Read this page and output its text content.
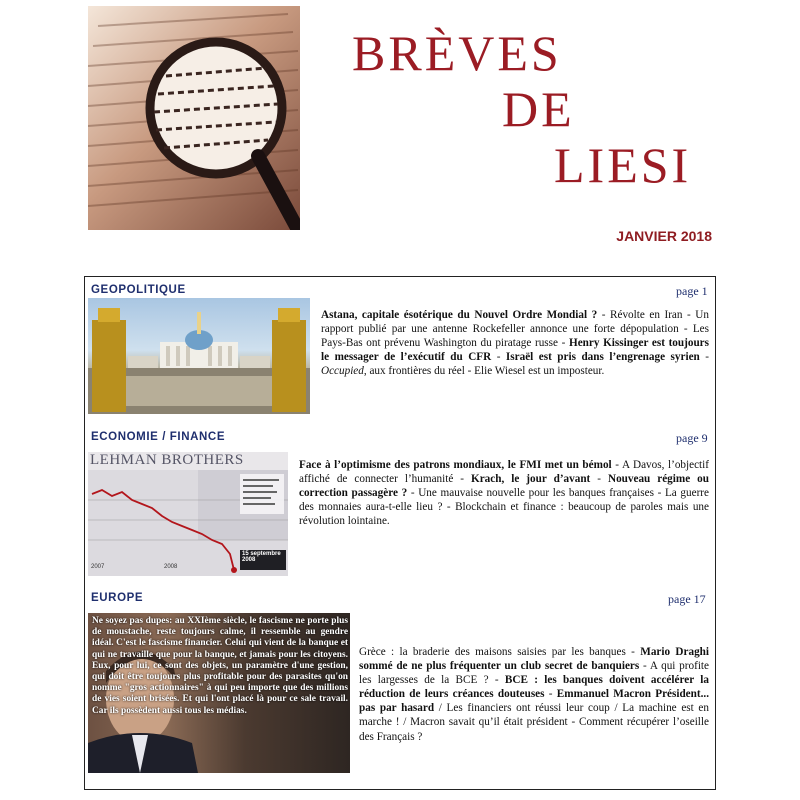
BRÈVES
DE
LIESI
JANVIER 2018
GEOPOLITIQUE	page 1
Astana, capitale ésotérique du Nouvel Ordre Mondial ? - Révolte en Iran - Un rapport publié par une antenne Rockefeller annonce une forte dépopulation - Les Pays-Bas ont prévenu Washington du piratage russe - Henry Kissinger est toujours le messager de l’exécutif du CFR - Israël est pris dans l’engrenage syrien - Occupied, aux frontières du réel - Elie Wiesel est un imposteur.
ECONOMIE / FINANCE	page 9
LEHMAN BROTHERS
2007	2008
15 septembre 2008
Face à l’optimisme des patrons mondiaux, le FMI met un bémol - A Davos, l’objectif affiché de connecter l’humanité - Krach, le jour d’avant - Nouveau régime ou correction passagère ? - Une mauvaise nouvelle pour les banques françaises - La guerre des monnaies aura-t-elle lieu ? - Blockchain et finance : beaucoup de paroles mais une révolution lointaine.
EUROPE	page 17
Ne soyez pas dupes: au XXIème siècle, le fascisme ne porte plus de moustache, reste toujours calme, il ressemble au gendre idéal. C'est le fascisme financier. Celui qui vient de la banque et qui ne travaille que pour la banque, et jamais pour les citoyens. Eux, pour lui, ce sont des objets, un paramètre d'une gestion, qui doit être toujours plus profitable pour des parasites qu'on nomme "gros actionnaires" à qui peu importe que des millions de vies soient brisées. Et qui l'ont placé là pour ce sale travail. Car ils possèdent aussi tous les médias.
Grèce : la braderie des maisons saisies par les banques - Mario Draghi sommé de ne plus fréquenter un club secret de banquiers - A qui profite les largesses de la BCE ? - BCE : les banques doivent accélérer la réduction de leurs créances douteuses - Emmanuel Macron Président... pas par hasard / Les financiers ont réussi leur coup / La machine est en marche ! / Macron savait qu’il était président - Comment récupérer l’oseille des Français ?
